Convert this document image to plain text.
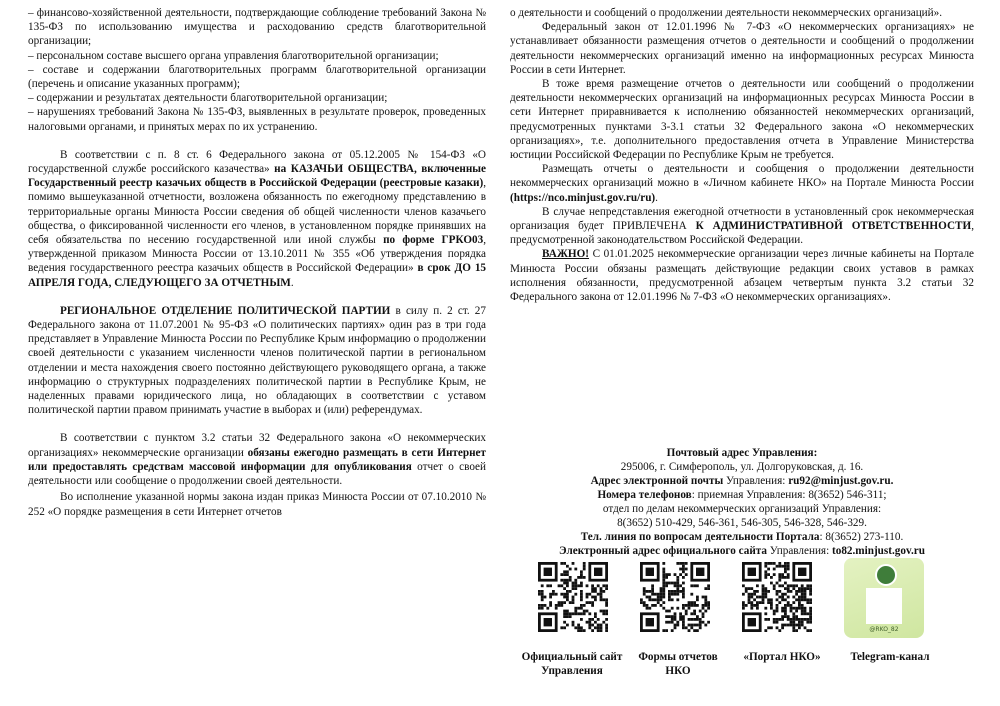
– финансово-хозяйственной деятельности, подтверждающие соблюдение требований Закона № 135-ФЗ по использованию имущества и расходованию средств благотворительной организации;

– персональном составе высшего органа управления благотворительной организации;

– составе и содержании благотворительных программ благотворительной организации (перечень и описание указанных программ);

– содержании и результатах деятельности благотворительной организации;

– нарушениях требований Закона № 135-ФЗ, выявленных в результате проверок, проведенных налоговыми органами, и принятых мерах по их устранению.

В соответствии с п. 8 ст. 6 Федерального закона от 05.12.2005 № 154-ФЗ «О государственной службе российского казачества» на КАЗАЧЬИ ОБЩЕСТВА, включенные Государственный реестр казачьих обществ в Российской Федерации (реестровые казаки), помимо вышеуказанной отчетности, возложена обязанность по ежегодному представлению в территориальные органы Минюста России сведения об общей численности членов казачьего общества, о фиксированной численности его членов, в установленном порядке принявших на себя обязательства по несению государственной или иной службы по форме ГРКО03, утвержденной приказом Минюста России от 13.10.2011 № 355 «Об утверждения порядка ведения государственного реестра казачьих обществ в Российской Федерации» в срок ДО 15 АПРЕЛЯ ГОДА, СЛЕДУЮЩЕГО ЗА ОТЧЕТНЫМ.

РЕГИОНАЛЬНОЕ ОТДЕЛЕНИЕ ПОЛИТИЧЕСКОЙ ПАРТИИ в силу п. 2 ст. 27 Федерального закона от 11.07.2001 № 95-ФЗ «О политических партиях» один раз в три года представляет в Управление Минюста России по Республике Крым информацию о продолжении своей деятельности с указанием численности членов политической партии в региональном отделении и места нахождения своего постоянно действующего руководящего органа, а также информацию о структурных подразделениях политической партии в Республике Крым, не наделенных правами юридического лица, но обладающих в соответствии с уставом политической партии правом принимать участие в выборах и (или) референдумах.

В соответствии с пунктом 3.2 статьи 32 Федерального закона «О некоммерческих организациях» некоммерческие организации обязаны ежегодно размещать в сети Интернет или предоставлять средствам массовой информации для опубликования отчет о своей деятельности или сообщение о продолжении своей деятельности.

Во исполнение указанной нормы закона издан приказ Минюста России от 07.10.2010 № 252 «О порядке размещения в сети Интернет отчетов

о деятельности и сообщений о продолжении деятельности некоммерческих организаций».

Федеральный закон от 12.01.1996 № 7-ФЗ «О некоммерческих организациях» не устанавливает обязанности размещения отчетов о деятельности и сообщений о продолжении деятельности некоммерческих организаций именно на информационных ресурсах Минюста России в сети Интернет.

В тоже время размещение отчетов о деятельности или сообщений о продолжении деятельности некоммерческих организаций на информационных ресурсах Минюста России в сети Интернет приравнивается к исполнению обязанностей некоммерческих организаций, предусмотренных пунктами 3-3.1 статьи 32 Федерального закона «О некоммерческих организациях», т.е. дополнительного предоставления отчета в Управление Министерства юстиции Российской Федерации по Республике Крым не требуется.

Размещать отчеты о деятельности и сообщения о продолжении деятельности некоммерческих организаций можно в «Личном кабинете НКО» на Портале Минюста России (https://nco.minjust.gov.ru/ru).

В случае непредставления ежегодной отчетности в установленный срок некоммерческая организация будет ПРИВЛЕЧЕНА К АДМИНИСТРАТИВНОЙ ОТВЕТСТВЕННОСТИ, предусмотренной законодательством Российской Федерации.

ВАЖНО! С 01.01.2025 некоммерческие организации через личные кабинеты на Портале Минюста России обязаны размещать действующие редакции своих уставов в рамках исполнения обязанности, предусмотренной абзацем четвертым пункта 3.2 статьи 32 Федерального закона от 12.01.1996 № 7-ФЗ «О некоммерческих организациях».

Почтовый адрес Управления:
295006, г. Симферополь, ул. Долгоруковская, д. 16.
Адрес электронной почты Управления: ru92@minjust.gov.ru.
Номера телефонов: приемная Управления: 8(3652) 546-311;
отдел по делам некоммерческих организаций Управления:
8(3652) 510-429, 546-361, 546-305, 546-328, 546-329.
Тел. линия по вопросам деятельности Портала: 8(3652) 273-110.
Электронный адрес официального сайта Управления: to82.minjust.gov.ru
@RKO_82
Официальный сайт Управления
Формы отчетов НКО
«Портал НКО»	Telegram-канал
